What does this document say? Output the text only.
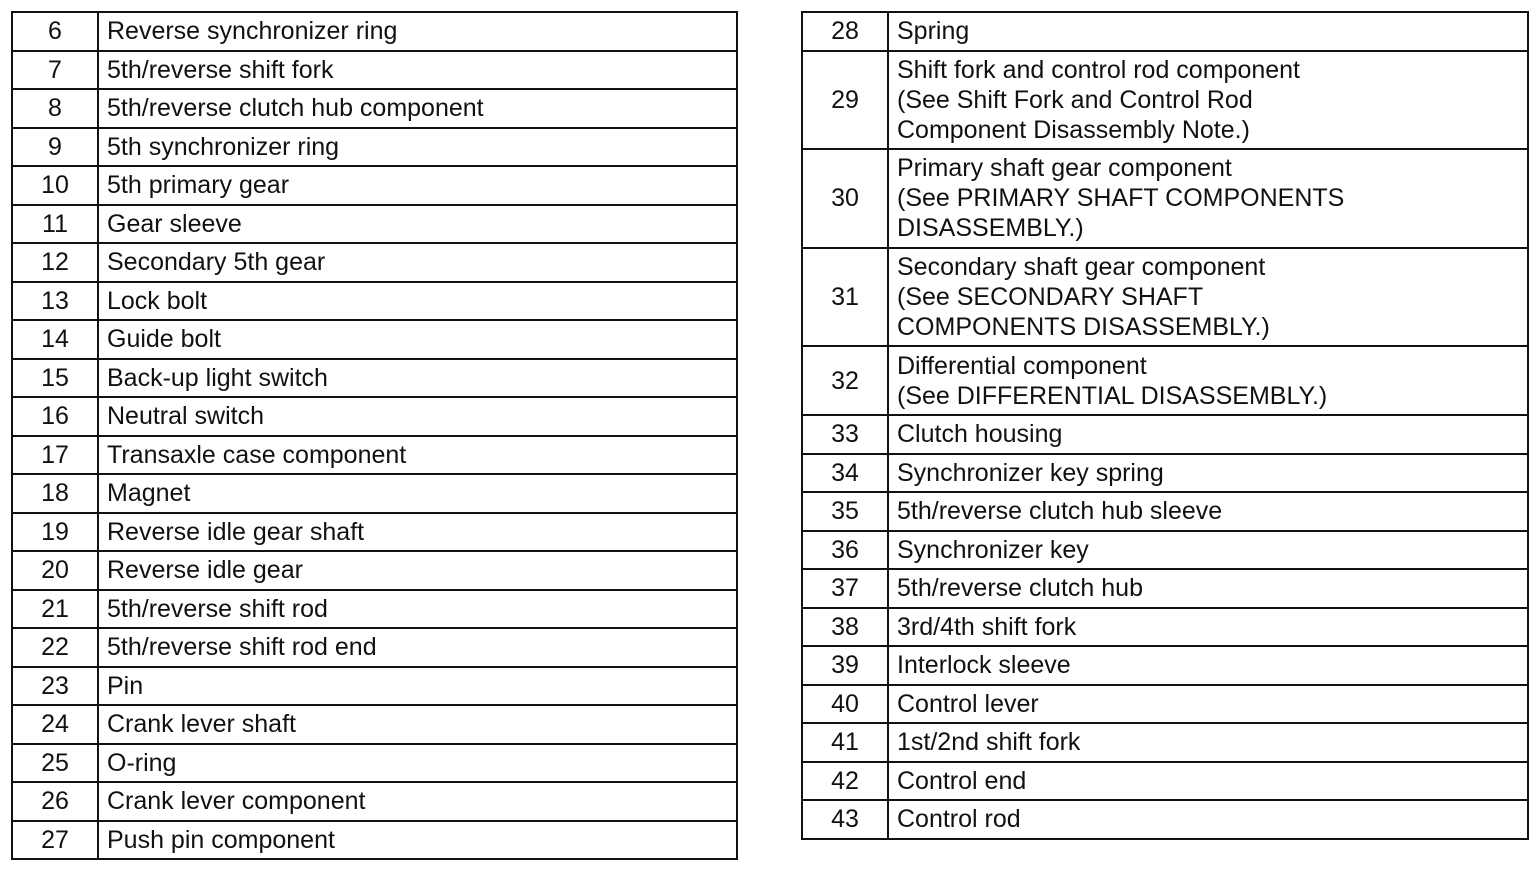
6	Reverse synchronizer ring

7	5th/reverse shift fork

8	5th/reverse clutch hub component

9	5th synchronizer ring

10	5th primary gear

11	Gear sleeve

12	Secondary 5th gear

13	Lock bolt

14	Guide bolt

15	Back-up light switch

16	Neutral switch

17	Transaxle case component

18	Magnet

19	Reverse idle gear shaft

20	Reverse idle gear

21	5th/reverse shift rod

22	5th/reverse shift rod end

23	Pin

24	Crank lever shaft

25	O-ring

26	Crank lever component

27	Push pin component
28	Spring

29	Shift fork and control rod component
(See Shift Fork and Control Rod
Component Disassembly Note.)

30	Primary shaft gear component
(See PRIMARY SHAFT COMPONENTS
DISASSEMBLY.)

31	Secondary shaft gear component
(See SECONDARY SHAFT
COMPONENTS DISASSEMBLY.)

32	Differential component
(See DIFFERENTIAL DISASSEMBLY.)

33	Clutch housing

34	Synchronizer key spring

35	5th/reverse clutch hub sleeve

36	Synchronizer key

37	5th/reverse clutch hub

38	3rd/4th shift fork

39	Interlock sleeve

40	Control lever

41	1st/2nd shift fork

42	Control end

43	Control rod
